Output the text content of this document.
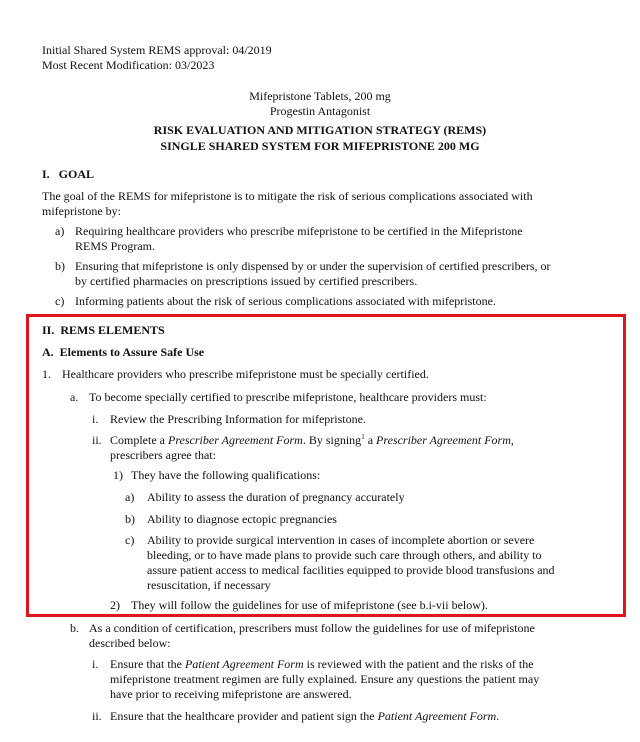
Initial Shared System REMS approval: 04/2019
Most Recent Modification: 03/2023
Mifepristone Tablets, 200 mg
Progestin Antagonist
RISK EVALUATION AND MITIGATION STRATEGY (REMS)
SINGLE SHARED SYSTEM FOR MIFEPRISTONE 200 MG
I.   GOAL
The goal of the REMS for mifepristone is to mitigate the risk of serious complications associated with
mifepristone by:
a) Requiring healthcare providers who prescribe mifepristone to be certified in the Mifepristone
REMS Program.
b) Ensuring that mifepristone is only dispensed by or under the supervision of certified prescribers, or
by certified pharmacies on prescriptions issued by certified prescribers.
c) Informing patients about the risk of serious complications associated with mifepristone.
II.  REMS ELEMENTS
A.  Elements to Assure Safe Use
1. Healthcare providers who prescribe mifepristone must be specially certified.
a. To become specially certified to prescribe mifepristone, healthcare providers must:
i. Review the Prescribing Information for mifepristone.
ii. Complete a Prescriber Agreement Form. By signing$^1$ a Prescriber Agreement Form,
prescribers agree that:
1) They have the following qualifications:
a) Ability to assess the duration of pregnancy accurately
b) Ability to diagnose ectopic pregnancies
c) Ability to provide surgical intervention in cases of incomplete abortion or severe
bleeding, or to have made plans to provide such care through others, and ability to
assure patient access to medical facilities equipped to provide blood transfusions and
resuscitation, if necessary
2) They will follow the guidelines for use of mifepristone (see b.i-vii below).
b. As a condition of certification, prescribers must follow the guidelines for use of mifepristone
described below:
i. Ensure that the Patient Agreement Form is reviewed with the patient and the risks of the
mifepristone treatment regimen are fully explained. Ensure any questions the patient may
have prior to receiving mifepristone are answered.
ii. Ensure that the healthcare provider and patient sign the Patient Agreement Form.
